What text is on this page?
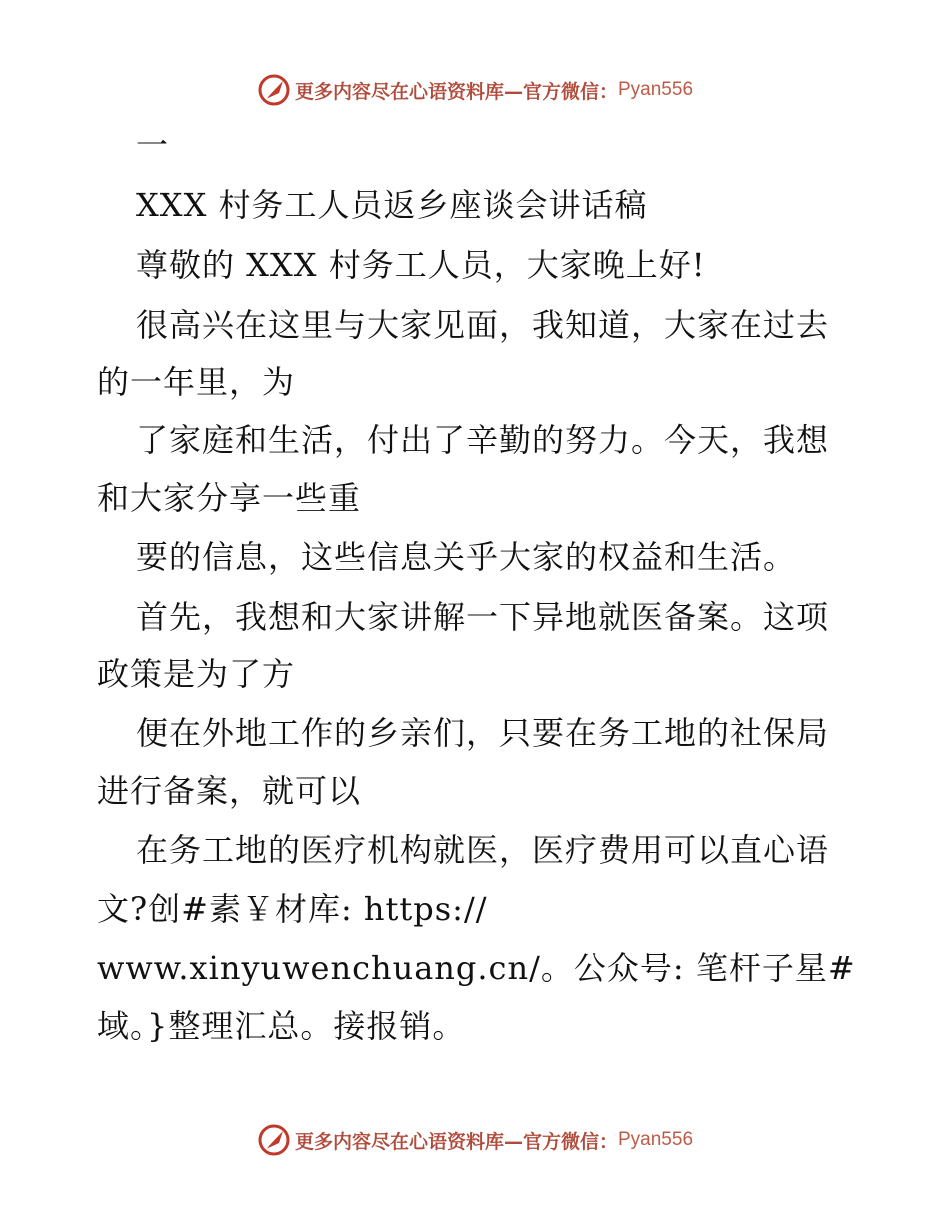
更多内容尽在心语资料库—官方微信： Pyan556
一
XXX 村务工人员返乡座谈会讲话稿
尊敬的 XXX 村务工人员，大家晚上好!
很高兴在这里与大家见面，我知道，大家在过去
的一年里，为
了家庭和生活，付出了辛勤的努力。今天，我想
和大家分享一些重
要的信息，这些信息关乎大家的权益和生活。
首先，我想和大家讲解一下异地就医备案。这项
政策是为了方
便在外地工作的乡亲们，只要在务工地的社保局
进行备案，就可以
在务工地的医疗机构就医，医疗费用可以直心语
文?创#素￥材库: https://
www.xinyuwenchuang.cn/。公众号: 笔杆子星#
域。}整理汇总。接报销。
更多内容尽在心语资料库—官方微信： Pyan556
